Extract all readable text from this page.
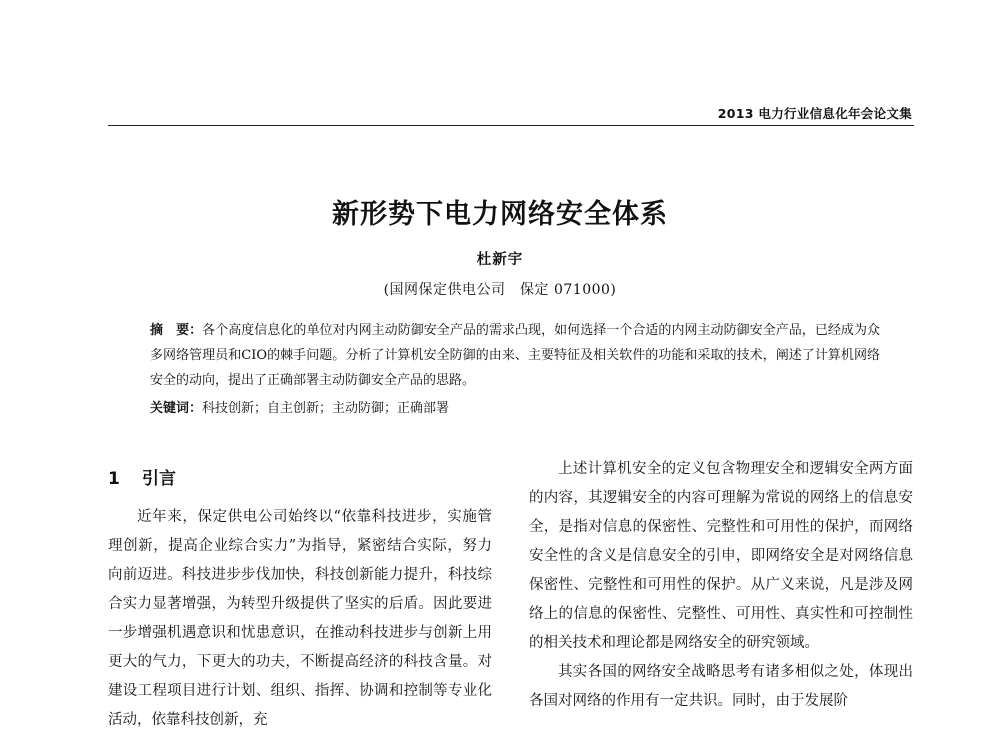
2013 电力行业信息化年会论文集
新形势下电力网络安全体系
杜新宇
(国网保定供电公司　保定 071000)
摘　要：各个高度信息化的单位对内网主动防御安全产品的需求凸现，如何选择一个合适的内网主动防御安全产品，已经成为众多网络管理员和CIO的棘手问题。分析了计算机安全防御的由来、主要特征及相关软件的功能和采取的技术，阐述了计算机网络安全的动向，提出了正确部署主动防御安全产品的思路。
关键词：科技创新；自主创新；主动防御；正确部署
1 引言

近年来，保定供电公司始终以“依靠科技进步，实施管理创新，提高企业综合实力”为指导，紧密结合实际，努力向前迈进。科技进步步伐加快，科技创新能力提升，科技综合实力显著增强，为转型升级提供了坚实的后盾。因此要进一步增强机遇意识和忧患意识，在推动科技进步与创新上用更大的气力，下更大的功夫，不断提高经济的科技含量。对建设工程项目进行计划、组织、指挥、协调和控制等专业化活动，依靠科技创新，充

上述计算机安全的定义包含物理安全和逻辑安全两方面的内容，其逻辑安全的内容可理解为常说的网络上的信息安全，是指对信息的保密性、完整性和可用性的保护，而网络安全性的含义是信息安全的引申，即网络安全是对网络信息保密性、完整性和可用性的保护。从广义来说，凡是涉及网络上的信息的保密性、完整性、可用性、真实性和可控制性的相关技术和理论都是网络安全的研究领域。

其实各国的网络安全战略思考有诸多相似之处，体现出各国对网络的作用有一定共识。同时，由于发展阶
